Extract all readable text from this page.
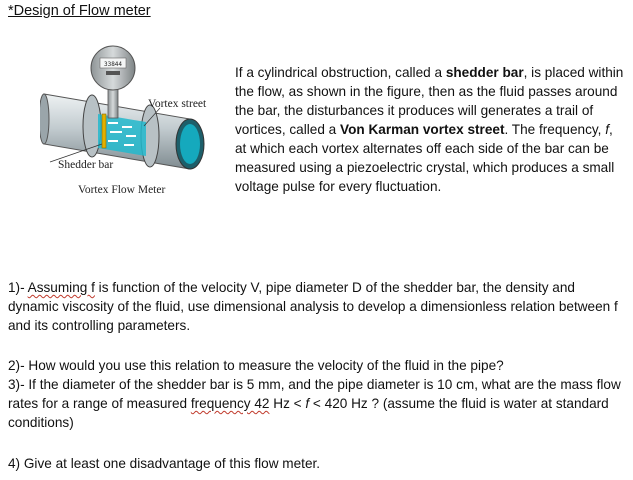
*Design of Flow meter
33844
Vortex street
Shedder bar
Vortex Flow Meter
If a cylindrical obstruction, called a shedder bar, is placed within the flow, as shown in the figure, then as the fluid passes around the bar, the disturbances it produces will generates a trail of vortices, called a Von Karman vortex street. The frequency, f, at which each vortex alternates off each side of the bar can be measured using a piezoelectric crystal, which produces a small voltage pulse for every fluctuation.
1)- Assuming f is function of the velocity V, pipe diameter D of the shedder bar, the density and dynamic viscosity of the fluid, use dimensional analysis to develop a dimensionless relation between f and its controlling parameters.
2)- How would you use this relation to measure the velocity of the fluid in the pipe?
3)- If the diameter of the shedder bar is 5 mm, and the pipe diameter is 10 cm, what are the mass flow rates for a range of measured frequency 42 Hz < f < 420 Hz ? (assume the fluid is water at standard conditions)
4) Give at least one disadvantage of this flow meter.
